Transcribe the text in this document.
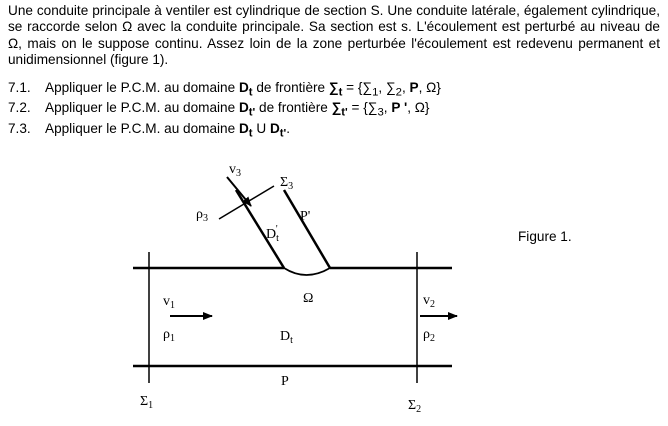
Une conduite principale à ventiler est cylindrique de section S. Une conduite latérale, également cylindrique, se raccorde selon Ω avec la conduite principale. Sa section est s. L'écoulement est perturbé au niveau de Ω, mais on le suppose continu. Assez loin de la zone perturbée l'écoulement est redevenu permanent et unidimensionnel (figure 1).

7.1. Appliquer le P.C.M. au domaine $D_t$ de frontière $\sum_t = \{\sum_1$, $\sum_2$, P, Ω}
7.2. Appliquer le P.C.M. au domaine $D_{t'}$ de frontière $\sum_{t'} = \{\sum_3$, P ', Ω}
7.3. Appliquer le P.C.M. au domaine $D_t$ U $D_{t'}$.
$v_3$
$\Sigma_3$
$\rho_3$	P'
$D_t'$
Ω
$v_1$
$\rho_1$	$D_t$
$v_2$
$\rho_2$
P
$\Sigma_1$	$\Sigma_2$
Figure 1.
